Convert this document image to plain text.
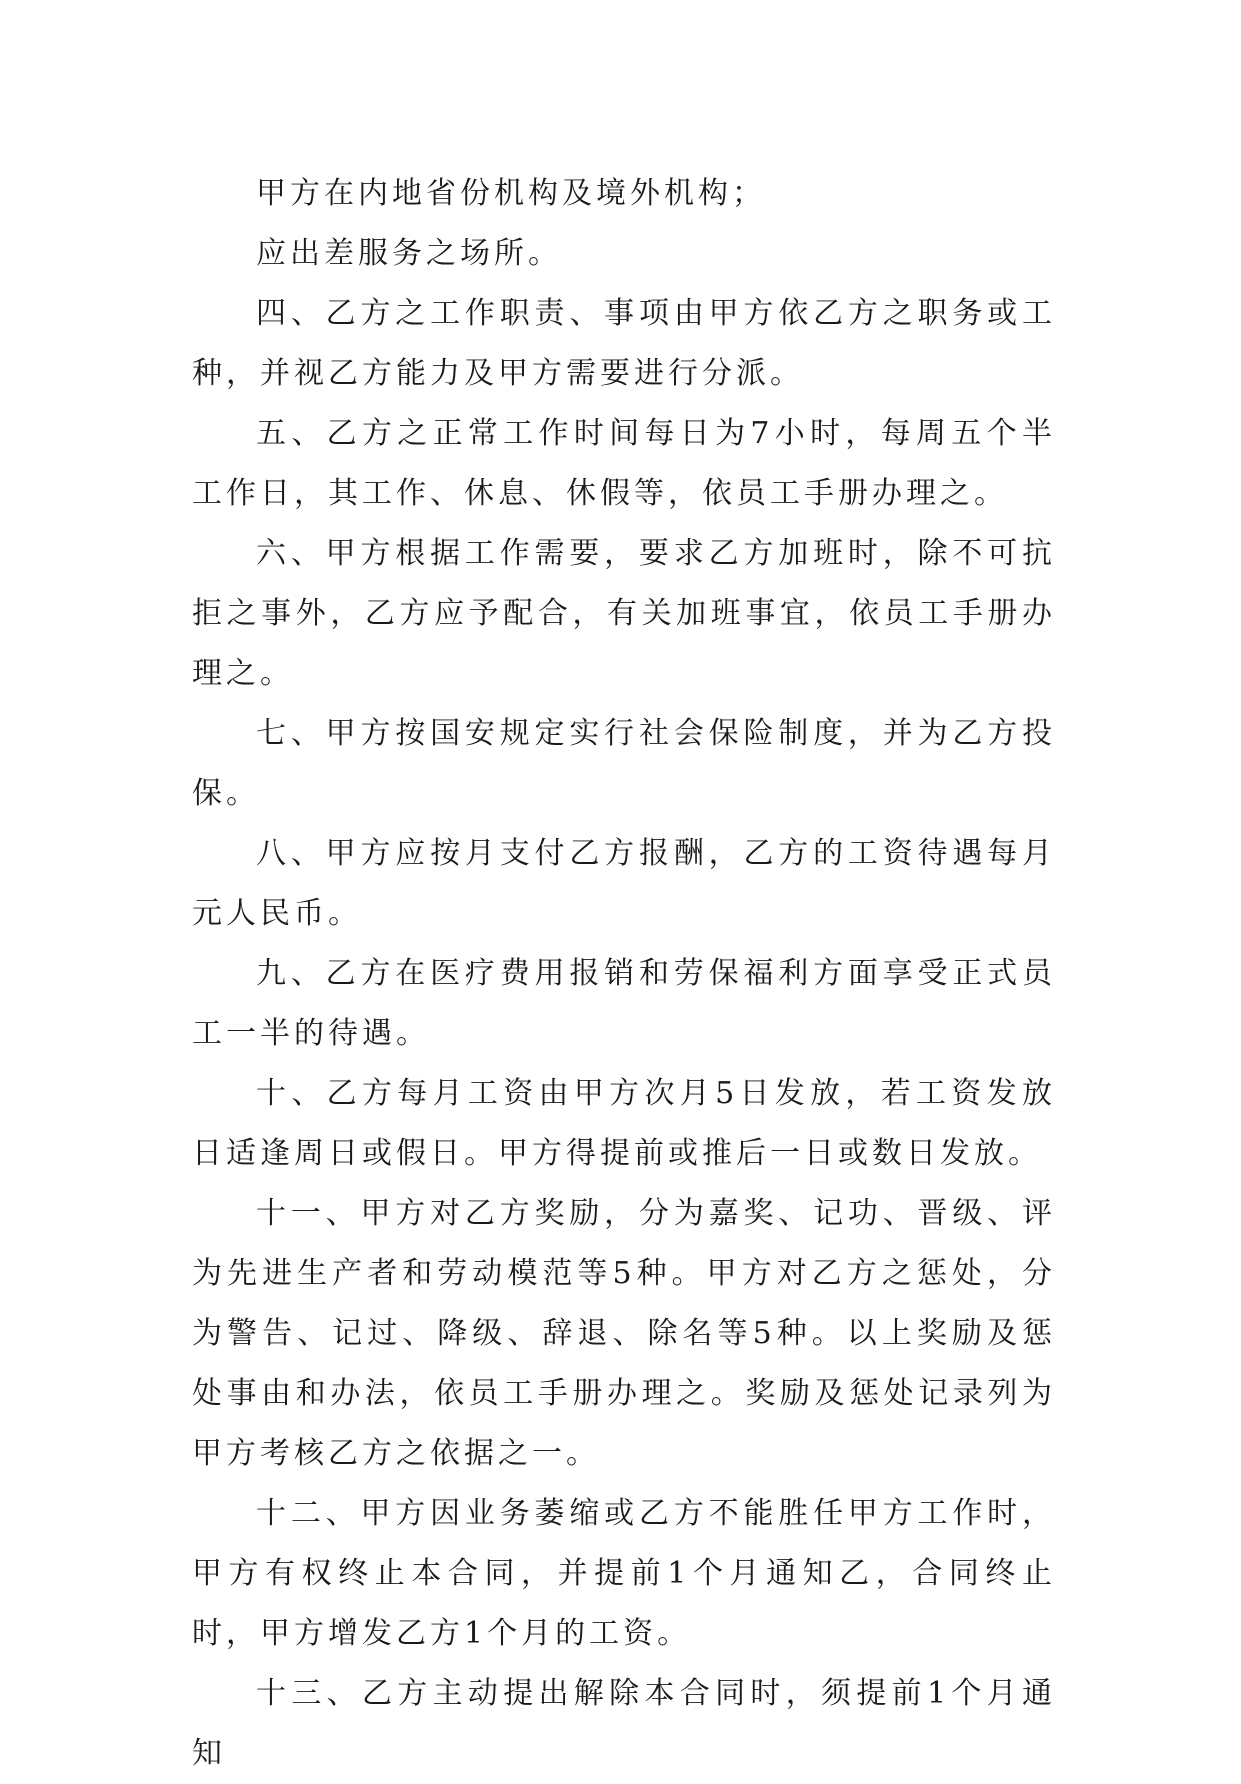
甲方在内地省份机构及境外机构；

应出差服务之场所。

四、乙方之工作职责、事项由甲方依乙方之职务或工种，并视乙方能力及甲方需要进行分派。

五、乙方之正常工作时间每日为7小时，每周五个半工作日，其工作、休息、休假等，依员工手册办理之。

六、甲方根据工作需要，要求乙方加班时，除不可抗拒之事外，乙方应予配合，有关加班事宜，依员工手册办理之。

七、甲方按国安规定实行社会保险制度，并为乙方投保。

八、甲方应按月支付乙方报酬，乙方的工资待遇每月元人民币。

九、乙方在医疗费用报销和劳保福利方面享受正式员工一半的待遇。

十、乙方每月工资由甲方次月5日发放，若工资发放日适逢周日或假日。甲方得提前或推后一日或数日发放。

十一、甲方对乙方奖励，分为嘉奖、记功、晋级、评为先进生产者和劳动模范等5种。甲方对乙方之惩处，分为警告、记过、降级、辞退、除名等5种。以上奖励及惩处事由和办法，依员工手册办理之。奖励及惩处记录列为甲方考核乙方之依据之一。

十二、甲方因业务萎缩或乙方不能胜任甲方工作时，甲方有权终止本合同，并提前1个月通知乙，合同终止时，甲方增发乙方1个月的工资。

十三、乙方主动提出解除本合同时，须提前1个月通知
